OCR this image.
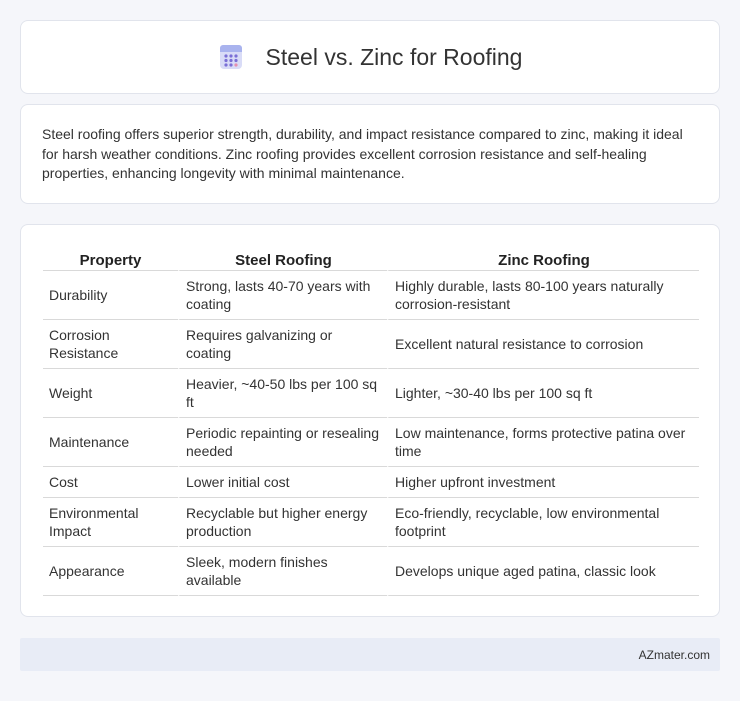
Steel vs. Zinc for Roofing

Steel roofing offers superior strength, durability, and impact resistance compared to zinc, making it ideal for harsh weather conditions. Zinc roofing provides excellent corrosion resistance and self-healing properties, enhancing longevity with minimal maintenance.

Property	Steel Roofing	Zinc Roofing
Durability	Strong, lasts 40-70 years with coating	Highly durable, lasts 80-100 years naturally corrosion-resistant
Corrosion Resistance	Requires galvanizing or coating	Excellent natural resistance to corrosion
Weight	Heavier, ~40-50 lbs per 100 sq ft	Lighter, ~30-40 lbs per 100 sq ft
Maintenance	Periodic repainting or resealing needed	Low maintenance, forms protective patina over time
Cost	Lower initial cost	Higher upfront investment
Environmental Impact	Recyclable but higher energy production	Eco-friendly, recyclable, low environmental footprint
Appearance	Sleek, modern finishes available	Develops unique aged patina, classic look
AZmater.com
